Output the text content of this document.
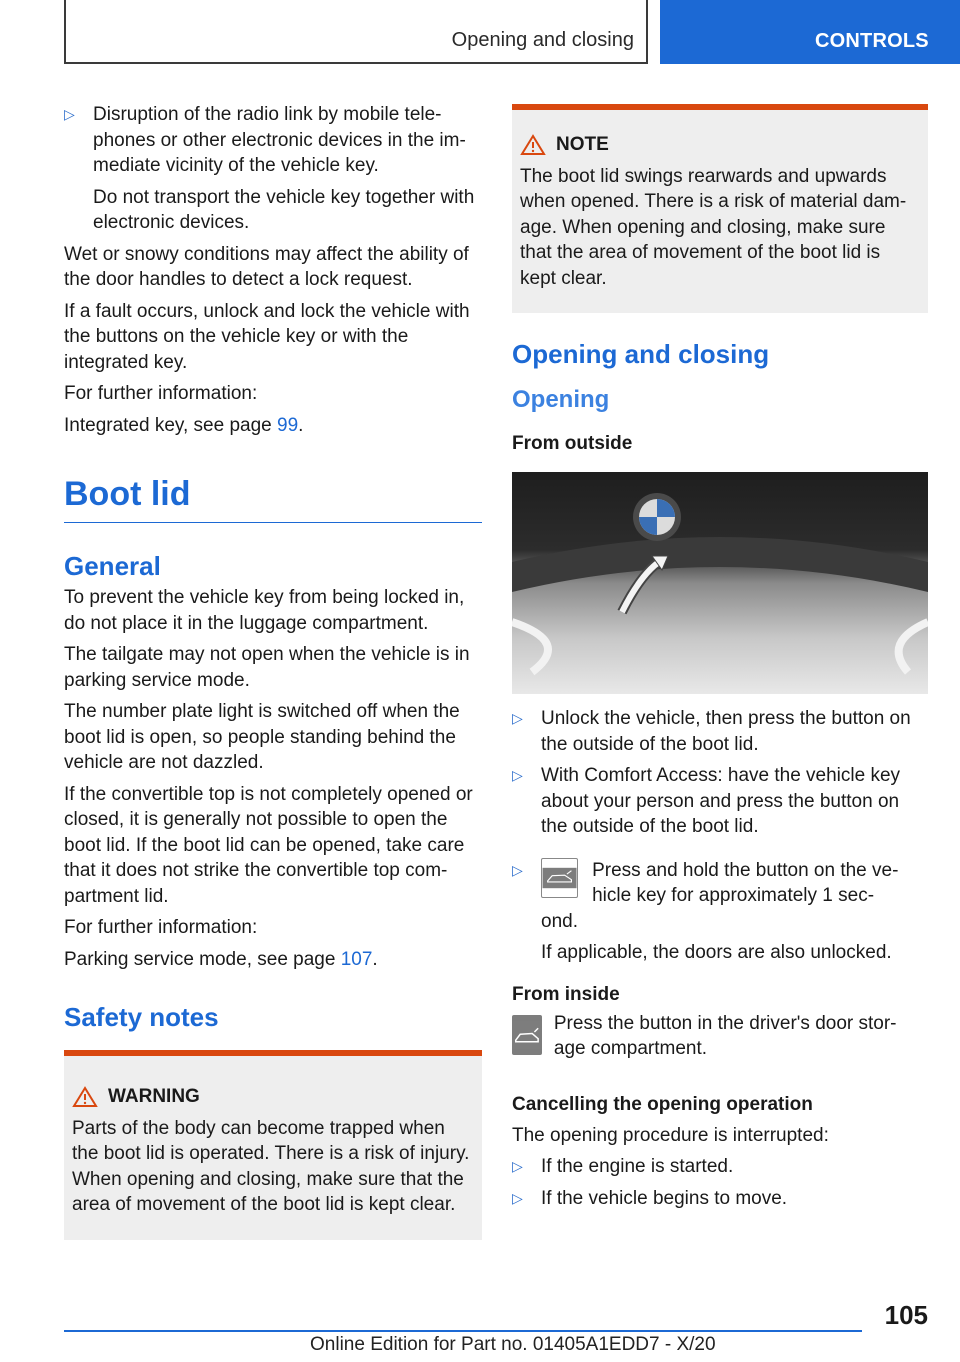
Opening and closing	CONTROLS
▷ Disruption of the radio link by mobile tele- phones or other electronic devices in the im- mediate vicinity of the vehicle key.

Do not transport the vehicle key together with electronic devices.

Wet or snowy conditions may affect the ability of the door handles to detect a lock request.

If a fault occurs, unlock and lock the vehicle with the buttons on the vehicle key or with the integrated key.

For further information:

Integrated key, see page 99.

Boot lid
General

To prevent the vehicle key from being locked in, do not place it in the luggage compartment.

The tailgate may not open when the vehicle is in parking service mode.

The number plate light is switched off when the boot lid is open, so people standing behind the vehicle are not dazzled.

If the convertible top is not completely opened or closed, it is generally not possible to open the boot lid. If the boot lid can be opened, take care that it does not strike the convertible top com- partment lid.

For further information:

Parking service mode, see page 107.

Safety notes
WARNING
Parts of the body can become trapped when the boot lid is operated. There is a risk of injury. When opening and closing, make sure that the area of movement of the boot lid is kept clear.
NOTE
The boot lid swings rearwards and upwards when opened. There is a risk of material dam- age. When opening and closing, make sure that the area of movement of the boot lid is kept clear.
Opening and closing
Opening
From outside
▷ Unlock the vehicle, then press the button on the outside of the boot lid.
▷ With Comfort Access: have the vehicle key about your person and press the button on the outside of the boot lid.
▷	Press and hold the button on the ve- hicle key for approximately 1 sec-
ond.

If applicable, the doors are also unlocked.

From inside
Press the button in the driver's door stor- age compartment.
Cancelling the opening operation

The opening procedure is interrupted:

▷ If the engine is started.
▷ If the vehicle begins to move.
105
Online Edition for Part no. 01405A1EDD7 - X/20
